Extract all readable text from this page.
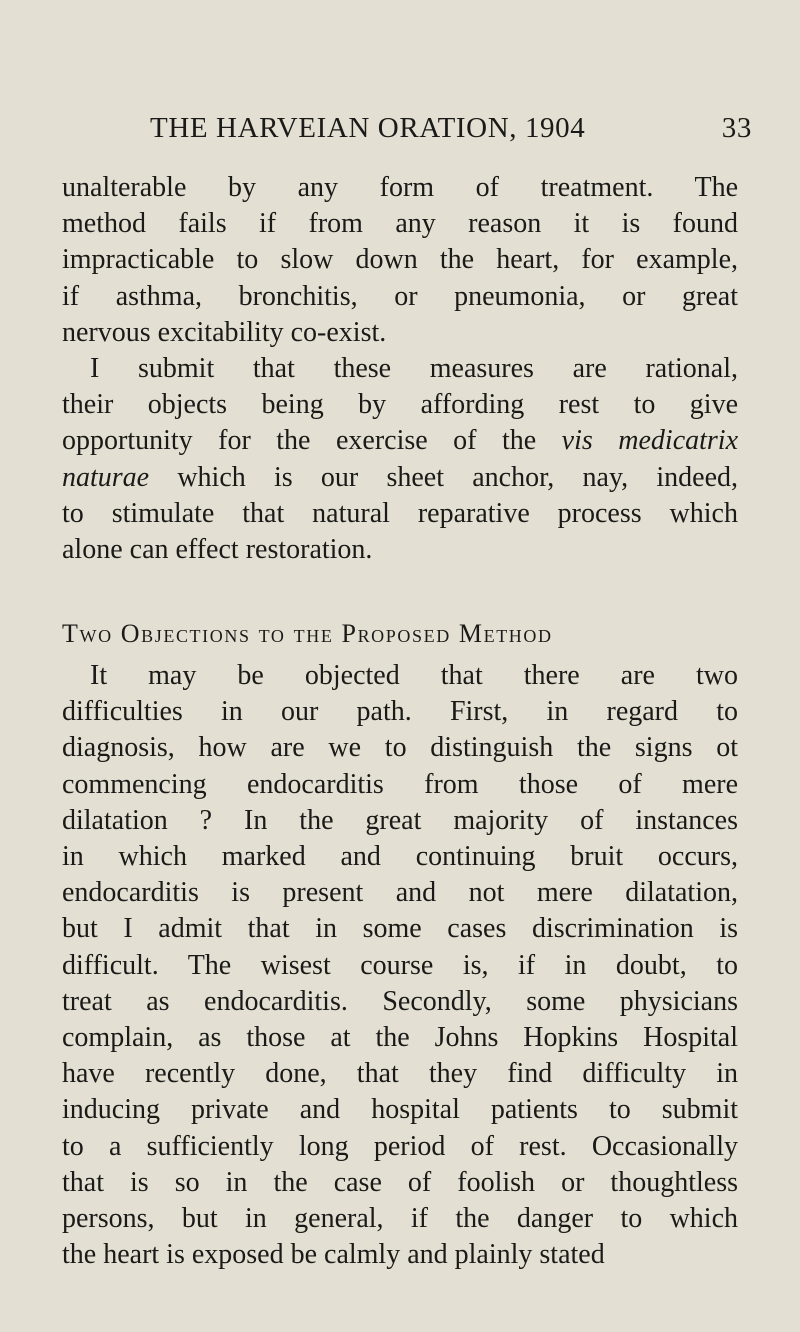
THE HARVEIAN ORATION, 1904	33
unalterable by any form of treatment. The
method fails if from any reason it is found
impracticable to slow down the heart, for example,
if asthma, bronchitis, or pneumonia, or great
nervous excitability co-exist.
I submit that these measures are rational,
their objects being by affording rest to give
opportunity for the exercise of the vis medicatrix
naturae which is our sheet anchor, nay, indeed,
to stimulate that natural reparative process which
alone can effect restoration.
Two Objections to the Proposed Method
It may be objected that there are two
difficulties in our path. First, in regard to
diagnosis, how are we to distinguish the signs ot
commencing endocarditis from those of mere
dilatation ? In the great majority of instances
in which marked and continuing bruit occurs,
endocarditis is present and not mere dilatation,
but I admit that in some cases discrimination is
difficult. The wisest course is, if in doubt, to
treat as endocarditis. Secondly, some physicians
complain, as those at the Johns Hopkins Hospital
have recently done, that they find difficulty in
inducing private and hospital patients to submit
to a sufficiently long period of rest. Occasionally
that is so in the case of foolish or thoughtless
persons, but in general, if the danger to which
the heart is exposed be calmly and plainly stated
